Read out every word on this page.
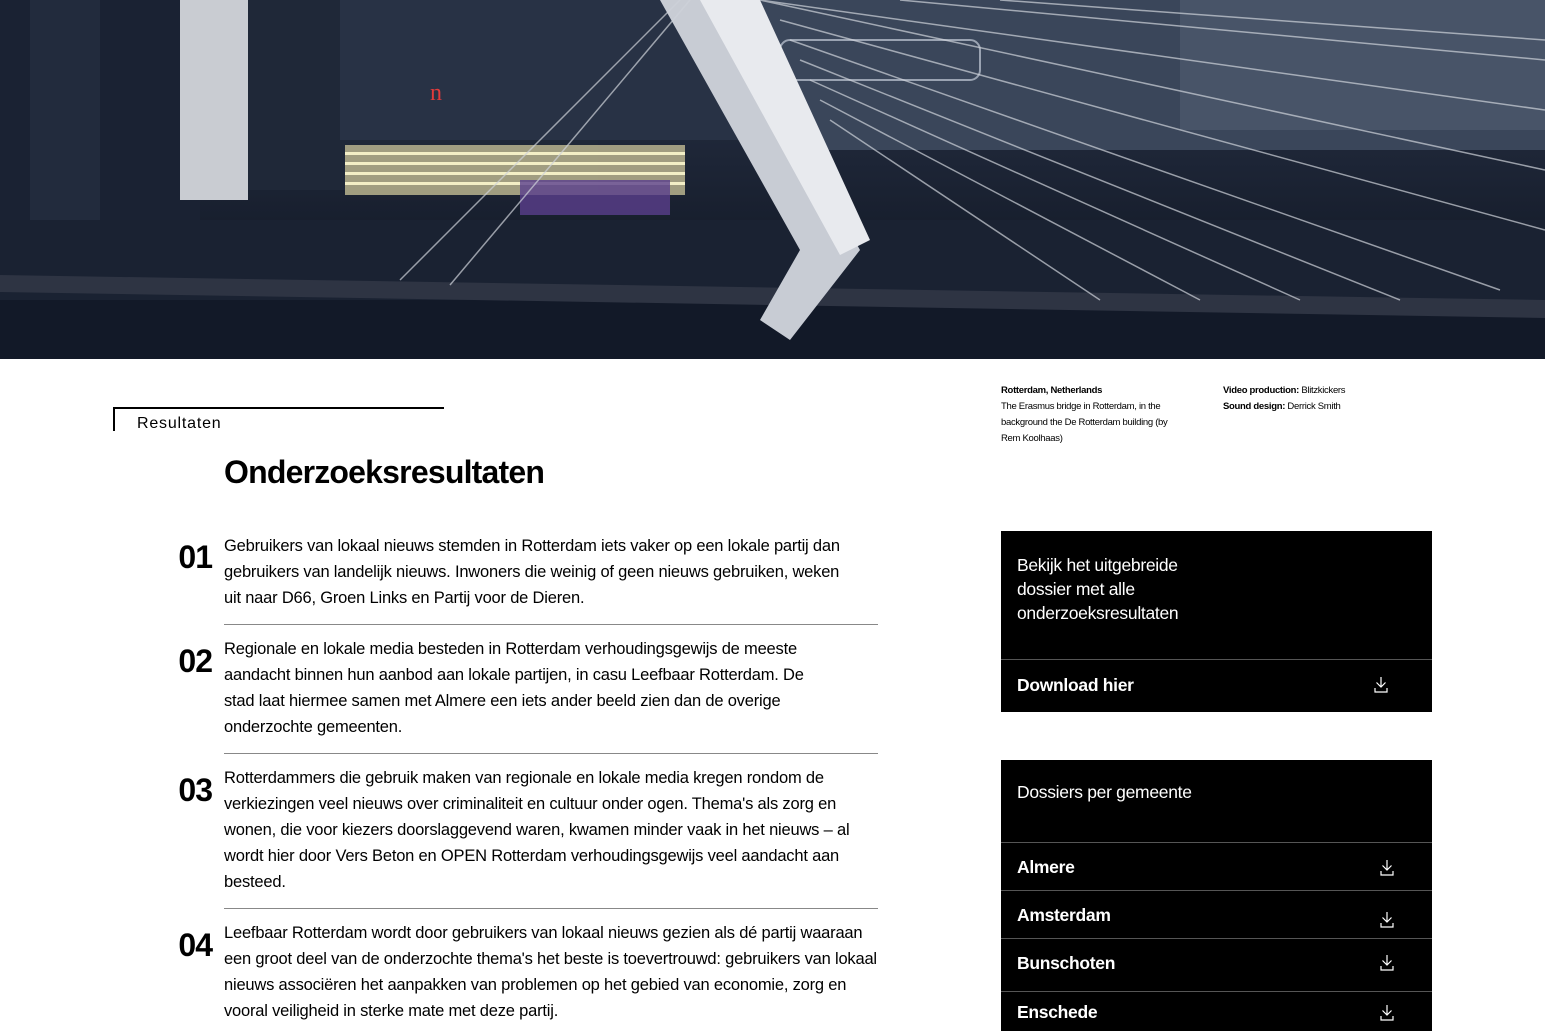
n
Rotterdam, Netherlands
The Erasmus bridge in Rotterdam, in the background the De Rotterdam building (by Rem Koolhaas)
Video production: Blitzkickers
Sound design: Derrick Smith
Resultaten
Onderzoeksresultaten
01 Gebruikers van lokaal nieuws stemden in Rotterdam iets vaker op een lokale partij dan gebruikers van landelijk nieuws. Inwoners die weinig of geen nieuws gebruiken, weken uit naar D66, Groen Links en Partij voor de Dieren.
02 Regionale en lokale media besteden in Rotterdam verhoudingsgewijs de meeste aandacht binnen hun aanbod aan lokale partijen, in casu Leefbaar Rotterdam. De stad laat hiermee samen met Almere een iets ander beeld zien dan de overige onderzochte gemeenten.
03 Rotterdammers die gebruik maken van regionale en lokale media kregen rondom de verkiezingen veel nieuws over criminaliteit en cultuur onder ogen. Thema's als zorg en wonen, die voor kiezers doorslaggevend waren, kwamen minder vaak in het nieuws – al wordt hier door Vers Beton en OPEN Rotterdam verhoudingsgewijs veel aandacht aan besteed.
04 Leefbaar Rotterdam wordt door gebruikers van lokaal nieuws gezien als dé partij waaraan een groot deel van de onderzochte thema's het beste is toevertrouwd: gebruikers van lokaal nieuws associëren het aanpakken van problemen op het gebied van economie, zorg en vooral veiligheid in sterke mate met deze partij.
Bekijk het uitgebreide dossier met alle onderzoeksresultaten
Download hier
Dossiers per gemeente
Almere
Amsterdam
Bunschoten
Enschede
